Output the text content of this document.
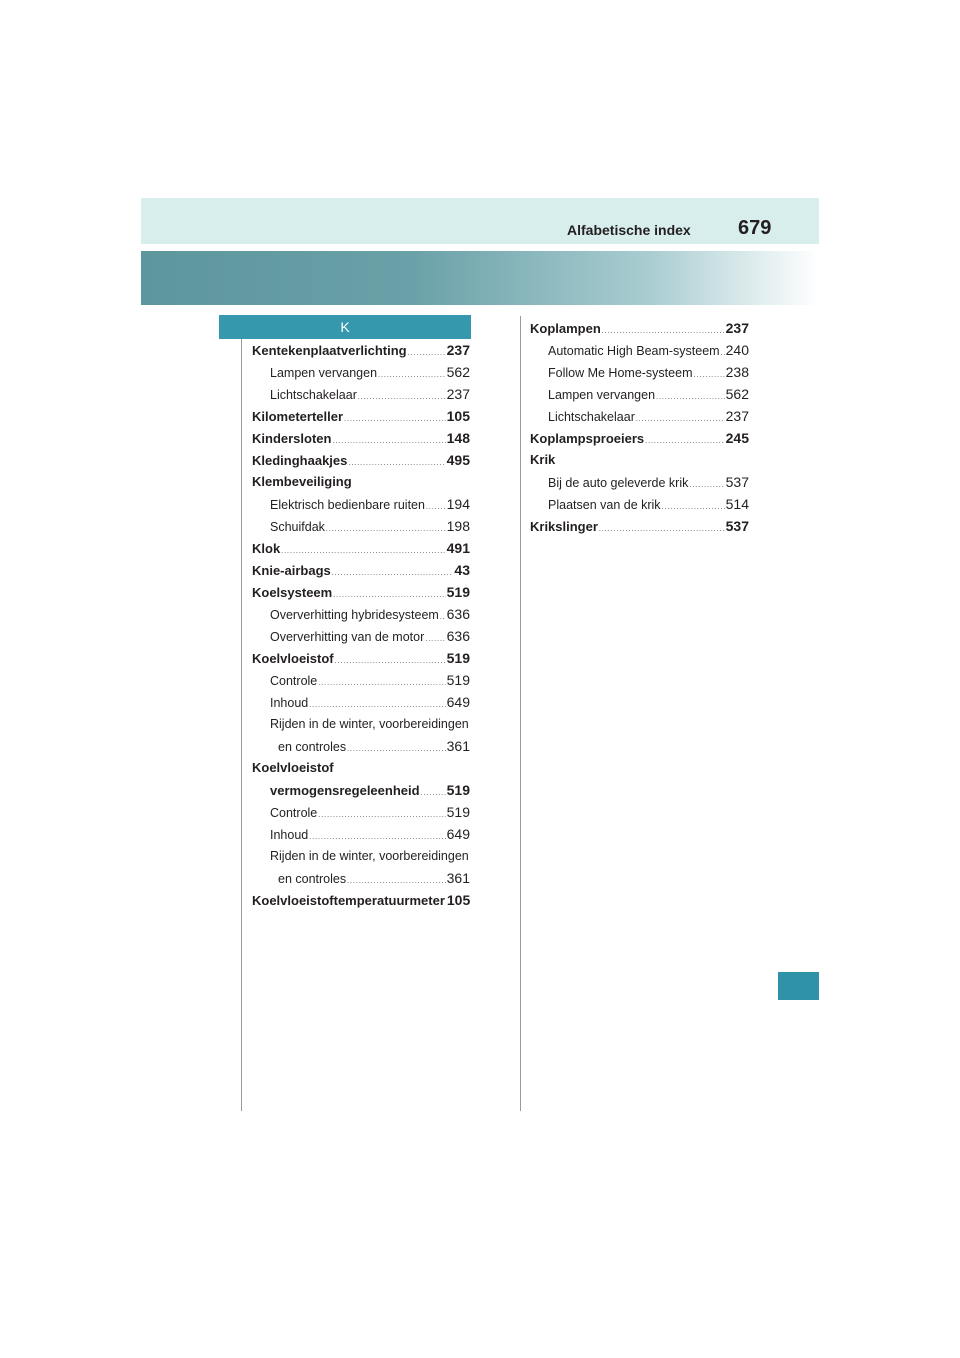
Alfabetische index 679
K
Kentekenplaatverlichting .....	237
Lampen vervangen .....	562
Lichtschakelaar .....	237
Kilometerteller .....	105
Kindersloten .....	148
Kledinghaakjes .....	495
Klembeveiliging
Elektrisch bedienbare ruiten ..... 194
Schuifdak .....	198
Klok .....	491
Knie-airbags .....	43
Koelsysteem .....	519
Oververhitting hybridesysteem ..... 636
Oververhitting van de motor ..... 636
Koelvloeistof .....	519
Controle .....	519
Inhoud .....	649
Rijden in de winter, voorbereidingen
en controles .....	361
Koelvloeistof
vermogensregeleenheid ..... 519
Controle .....	519
Inhoud .....	649
Rijden in de winter, voorbereidingen
en controles .....	361
Koelvloeistoftemperatuurmeter 105
Koplampen .....	237
Automatic High Beam-systeem ..... 240
Follow Me Home-systeem ..... 238
Lampen vervangen .....	562
Lichtschakelaar .....	237
Koplampsproeiers .....	245
Krik
Bij de auto geleverde krik .....	537
Plaatsen van de krik .....	514
Krikslinger .....	537
